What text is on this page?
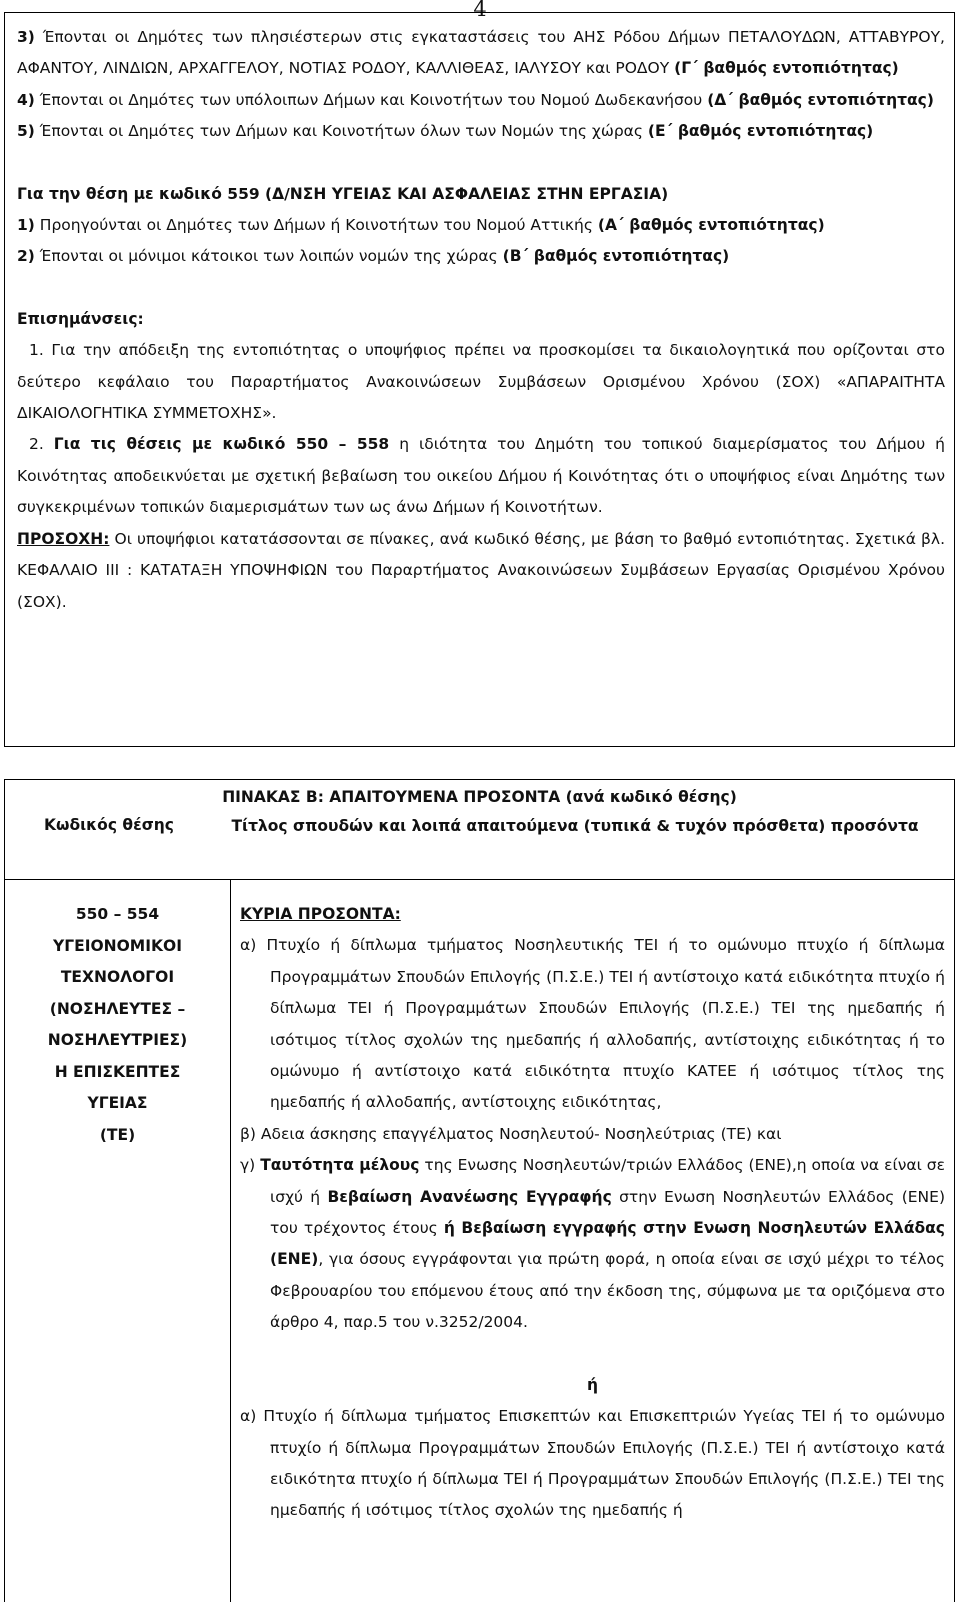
4

3) Έπονται οι Δημότες των πλησιέστερων στις εγκαταστάσεις του ΑΗΣ Ρόδου Δήμων ΠΕΤΑΛΟΥΔΩΝ, ΑΤΤΑΒΥΡΟΥ, ΑΦΑΝΤΟΥ, ΛΙΝΔΙΩΝ, ΑΡΧΑΓΓΕΛΟΥ, ΝΟΤΙΑΣ ΡΟΔΟΥ, ΚΑΛΛΙΘΕΑΣ, ΙΑΛΥΣΟΥ και ΡΟΔΟΥ (Γ΄ βαθμός εντοπιότητας)

4) Έπονται οι Δημότες των υπόλοιπων Δήμων και Κοινοτήτων του Νομού Δωδεκανήσου (Δ΄ βαθμός εντοπιότητας)

5) Έπονται οι Δημότες των Δήμων και Κοινοτήτων όλων των Νομών της χώρας (Ε΄ βαθμός εντοπιότητας)

Για την θέση με κωδικό 559 (Δ/ΝΣΗ ΥΓΕΙΑΣ ΚΑΙ ΑΣΦΑΛΕΙΑΣ ΣΤΗΝ ΕΡΓΑΣΙΑ)

1) Προηγούνται οι Δημότες των Δήμων ή Κοινοτήτων του Νομού Αττικής (Α΄ βαθμός εντοπιότητας)

2) Έπονται οι μόνιμοι κάτοικοι των λοιπών νομών της χώρας (Β΄ βαθμός εντοπιότητας)

Επισημάνσεις:

1. Για την απόδειξη της εντοπιότητας ο υποψήφιος πρέπει να προσκομίσει τα δικαιολογητικά που ορίζονται στο δεύτερο κεφάλαιο του Παραρτήματος Ανακοινώσεων Συμβάσεων Ορισμένου Χρόνου (ΣΟΧ) «ΑΠΑΡΑΙΤΗΤΑ ΔΙΚΑΙΟΛΟΓΗΤΙΚΑ ΣΥΜΜΕΤΟΧΗΣ».

2. Για τις θέσεις με κωδικό 550 – 558 η ιδιότητα του Δημότη του τοπικού διαμερίσματος του Δήμου ή Κοινότητας αποδεικνύεται με σχετική βεβαίωση του οικείου Δήμου ή Κοινότητας ότι ο υποψήφιος είναι Δημότης των συγκεκριμένων τοπικών διαμερισμάτων των ως άνω Δήμων ή Κοινοτήτων.

ΠΡΟΣΟΧΗ: Οι υποψήφιοι κατατάσσονται σε πίνακες, ανά κωδικό θέσης, με βάση το βαθμό εντοπιότητας. Σχετικά βλ. ΚΕΦΑΛΑΙΟ ΙΙΙ : ΚΑΤΑΤΑΞΗ ΥΠΟΨΗΦΙΩΝ του Παραρτήματος Ανακοινώσεων Συμβάσεων Εργασίας Ορισμένου Χρόνου (ΣΟΧ).

ΠΙΝΑΚΑΣ Β: ΑΠΑΙΤΟΥΜΕΝΑ ΠΡΟΣΟΝΤΑ (ανά κωδικό θέσης)
Κωδικός θέσης	Τίτλος σπουδών και λοιπά απαιτούμενα (τυπικά & τυχόν πρόσθετα) προσόντα
550 – 554
ΥΓΕΙΟΝΟΜΙΚΟΙ
ΤΕΧΝΟΛΟΓΟΙ
(ΝΟΣΗΛΕΥΤΕΣ –
ΝΟΣΗΛΕΥΤΡΙΕΣ)
Η ΕΠΙΣΚΕΠΤΕΣ
ΥΓΕΙΑΣ
(ΤΕ)

ΚΥΡΙΑ ΠΡΟΣΟΝΤΑ:

α) Πτυχίο ή δίπλωμα τμήματος Νοσηλευτικής ΤΕΙ ή το ομώνυμο πτυχίο ή δίπλωμα Προγραμμάτων Σπουδών Επιλογής (Π.Σ.Ε.) ΤΕΙ ή αντίστοιχο κατά ειδικότητα πτυχίο ή δίπλωμα ΤΕΙ ή Προγραμμάτων Σπουδών Επιλογής (Π.Σ.Ε.) ΤΕΙ της ημεδαπής ή ισότιμος τίτλος σχολών της ημεδαπής ή αλλοδαπής, αντίστοιχης ειδικότητας ή το ομώνυμο ή αντίστοιχο κατά ειδικότητα πτυχίο ΚΑΤΕΕ ή ισότιμος τίτλος της ημεδαπής ή αλλοδαπής, αντίστοιχης ειδικότητας,

β) Αδεια άσκησης επαγγέλματος Νοσηλευτού- Νοσηλεύτριας (ΤΕ) και

γ) Ταυτότητα μέλους της Ενωσης Νοσηλευτών/τριών Ελλάδος (ΕΝΕ),η οποία να είναι σε ισχύ ή Βεβαίωση Ανανέωσης Εγγραφής στην Ενωση Νοσηλευτών Ελλάδος (ΕΝΕ) του τρέχοντος έτους ή Βεβαίωση εγγραφής στην Ενωση Νοσηλευτών Ελλάδας (ΕΝΕ), για όσους εγγράφονται για πρώτη φορά, η οποία είναι σε ισχύ μέχρι το τέλος Φεβρουαρίου του επόμενου έτους από την έκδοση της, σύμφωνα με τα οριζόμενα στο άρθρο 4, παρ.5 του ν.3252/2004.

ή

α) Πτυχίο ή δίπλωμα τμήματος Επισκεπτών και Επισκεπτριών Υγείας ΤΕΙ ή το ομώνυμο πτυχίο ή δίπλωμα Προγραμμάτων Σπουδών Επιλογής (Π.Σ.Ε.) ΤΕΙ ή αντίστοιχο κατά ειδικότητα πτυχίο ή δίπλωμα ΤΕΙ ή Προγραμμάτων Σπουδών Επιλογής (Π.Σ.Ε.) ΤΕΙ της ημεδαπής ή ισότιμος τίτλος σχολών της ημεδαπής ή
